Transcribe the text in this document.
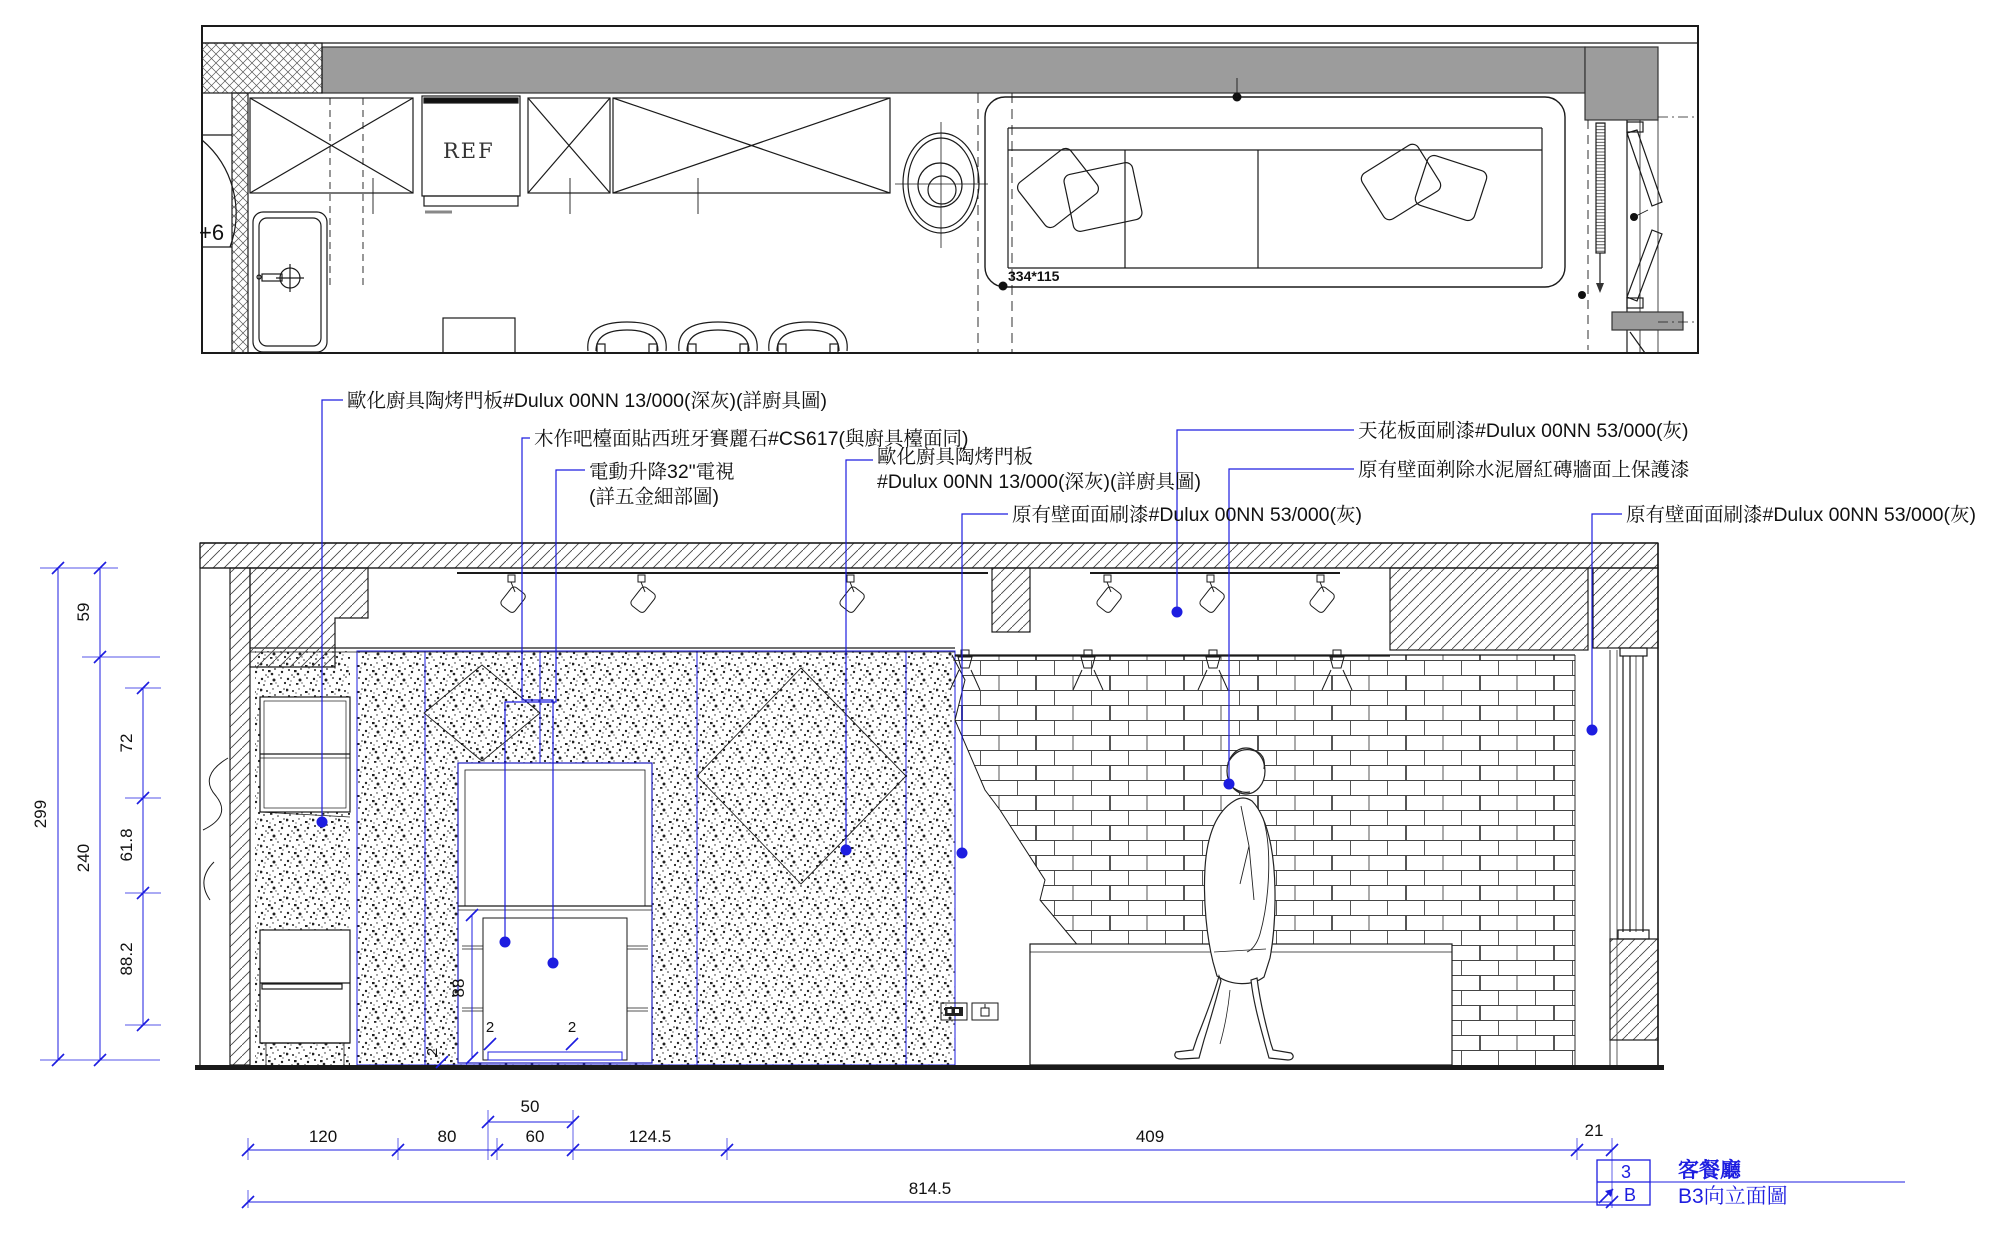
+6
REF
334*115
歐化廚具陶烤門板#Dulux 00NN 13/000(深灰)(詳廚具圖)
木作吧檯面貼西班牙賽麗石#CS617(與廚具檯面同)
電動升降32"電視
(詳五金細部圖)
歐化廚具陶烤門板
#Dulux 00NN 13/000(深灰)(詳廚具圖)
原有壁面面刷漆#Dulux 00NN 53/000(灰)
天花板面刷漆#Dulux 00NN 53/000(灰)
原有壁面剃除水泥層紅磚牆面上保護漆
原有壁面面刷漆#Dulux 00NN 53/000(灰)
299
59
240
72
61.8
88.2
50
120	80	60	124.5	409	21
814.5
88
2	2
2
3
B
客餐廳
B3向立面圖
